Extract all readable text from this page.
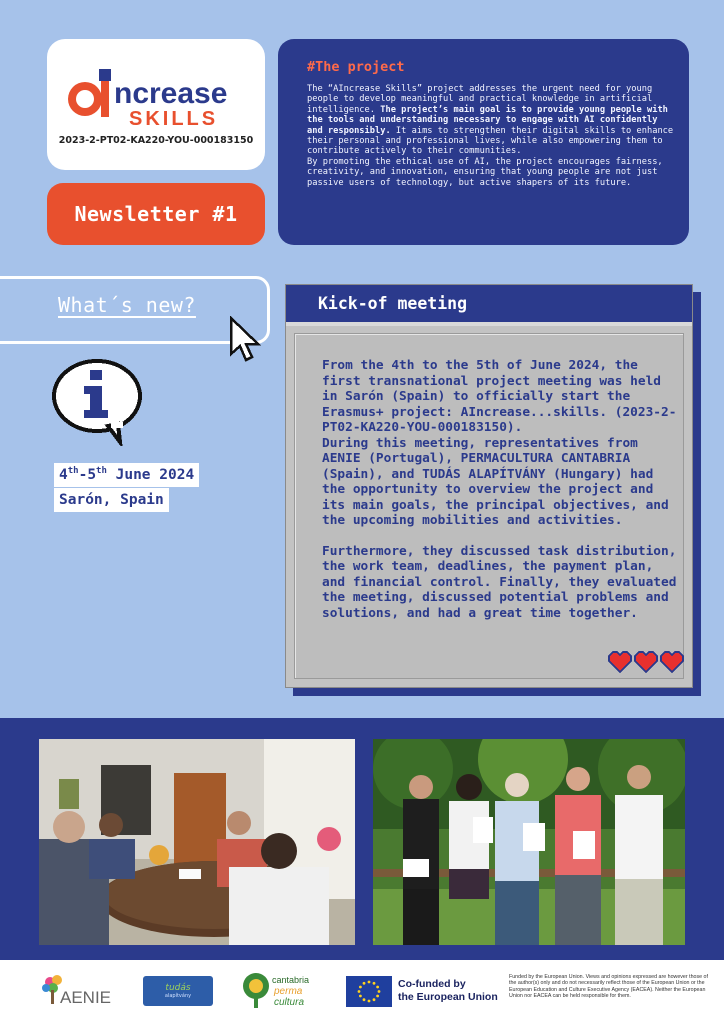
ncrease
SKILLS
2023-2-PT02-KA220-YOU-000183150
Newsletter #1
#The project
The “AIncrease Skills” project addresses the urgent need for young people to develop meaningful and practical knowledge in artificial intelligence. The project’s main goal is to provide young people with the tools and understanding necessary to engage with AI confidently and responsibly. It aims to strengthen their digital skills to enhance their personal and professional lives, while also empowering them to contribute actively to their communities.
By promoting the ethical use of AI, the project encourages fairness, creativity, and innovation, ensuring that young people are not just passive users of technology, but active shapers of its future.
What´s new?
4th-5th June 2024
Sarón, Spain
Kick-of meeting
From the 4th to the 5th of June 2024, the first transnational project meeting was held in Sarón (Spain) to officially start the Erasmus+ project: AIncrease...skills. (2023-2-PT02-KA220-YOU-000183150).
During this meeting, representatives from AENIE (Portugal), PERMACULTURA CANTABRIA (Spain), and TUDÁS ALAPÍTVÁNY (Hungary) had the opportunity to overview the project and its main goals, the principal objectives, and the upcoming mobilities and activities.
Furthermore, they discussed task distribution, the work team, deadlines, the payment plan, and financial control. Finally, they evaluated the meeting, discussed potential problems and solutions, and had a great time together.
AENIE	tudás
alapítvány
cantabria
perma
cultura
Co-funded by
the European Union
Funded by the European Union. Views and opinions expressed are however those of the author(s) only and do not necessarily reflect those of the European Union or the European Education and Culture Executive Agency (EACEA). Neither the European Union nor EACEA can be held responsible for them.
